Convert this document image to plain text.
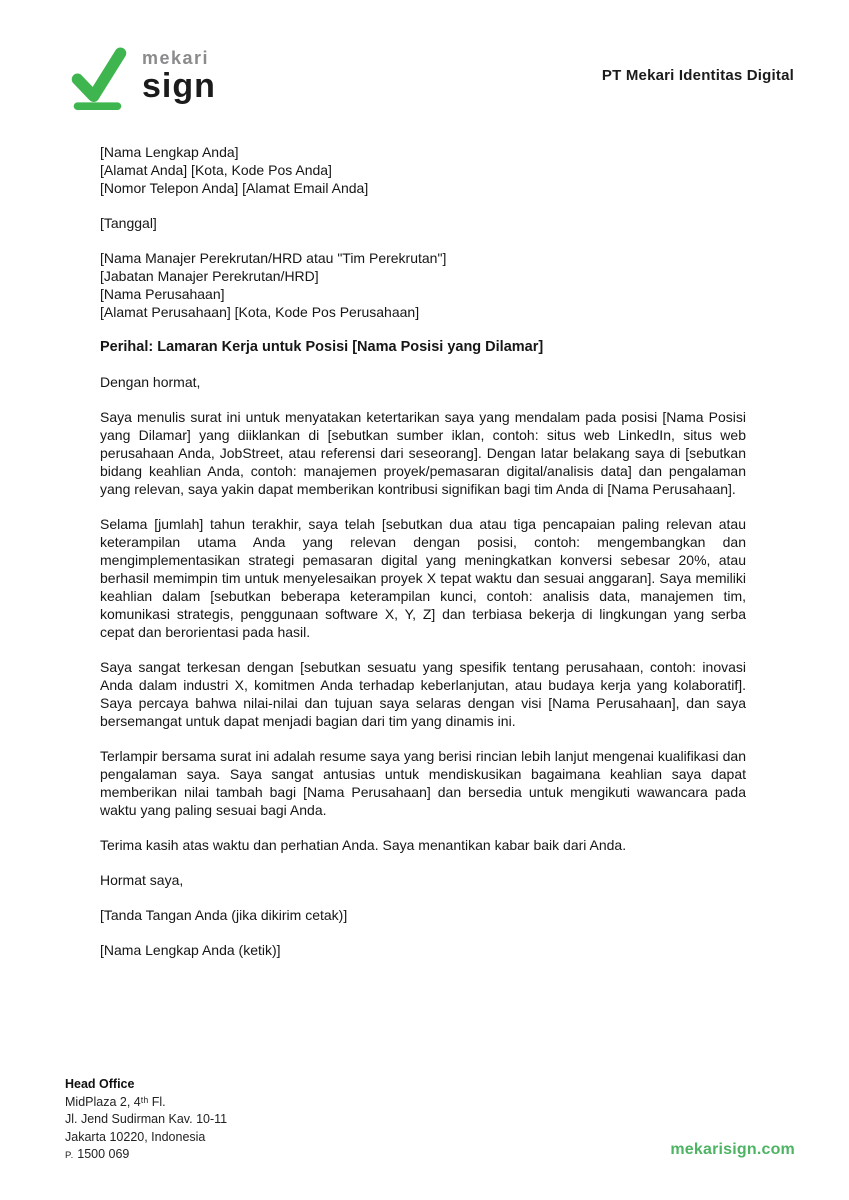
mekari
sign	PT Mekari Identitas Digital
[Nama Lengkap Anda]
[Alamat Anda] [Kota, Kode Pos Anda]
[Nomor Telepon Anda] [Alamat Email Anda]
[Tanggal]
[Nama Manajer Perekrutan/HRD atau "Tim Perekrutan"]
[Jabatan Manajer Perekrutan/HRD]
[Nama Perusahaan]
[Alamat Perusahaan] [Kota, Kode Pos Perusahaan]
Perihal: Lamaran Kerja untuk Posisi [Nama Posisi yang Dilamar]
Dengan hormat,

Saya menulis surat ini untuk menyatakan ketertarikan saya yang mendalam pada posisi [Nama Posisi yang Dilamar] yang diiklankan di [sebutkan sumber iklan, contoh: situs web LinkedIn, situs web perusahaan Anda, JobStreet, atau referensi dari seseorang]. Dengan latar belakang saya di [sebutkan bidang keahlian Anda, contoh: manajemen proyek/pemasaran digital/analisis data] dan pengalaman yang relevan, saya yakin dapat memberikan kontribusi signifikan bagi tim Anda di [Nama Perusahaan].

Selama [jumlah] tahun terakhir, saya telah [sebutkan dua atau tiga pencapaian paling relevan atau keterampilan utama Anda yang relevan dengan posisi, contoh: mengembangkan dan mengimplementasikan strategi pemasaran digital yang meningkatkan konversi sebesar 20%, atau berhasil memimpin tim untuk menyelesaikan proyek X tepat waktu dan sesuai anggaran]. Saya memiliki keahlian dalam [sebutkan beberapa keterampilan kunci, contoh: analisis data, manajemen tim, komunikasi strategis, penggunaan software X, Y, Z] dan terbiasa bekerja di lingkungan yang serba cepat dan berorientasi pada hasil.

Saya sangat terkesan dengan [sebutkan sesuatu yang spesifik tentang perusahaan, contoh: inovasi Anda dalam industri X, komitmen Anda terhadap keberlanjutan, atau budaya kerja yang kolaboratif]. Saya percaya bahwa nilai-nilai dan tujuan saya selaras dengan visi [Nama Perusahaan], dan saya bersemangat untuk dapat menjadi bagian dari tim yang dinamis ini.

Terlampir bersama surat ini adalah resume saya yang berisi rincian lebih lanjut mengenai kualifikasi dan pengalaman saya. Saya sangat antusias untuk mendiskusikan bagaimana keahlian saya dapat memberikan nilai tambah bagi [Nama Perusahaan] dan bersedia untuk mengikuti wawancara pada waktu yang paling sesuai bagi Anda.

Terima kasih atas waktu dan perhatian Anda. Saya menantikan kabar baik dari Anda.

Hormat saya,
[Tanda Tangan Anda (jika dikirim cetak)]
[Nama Lengkap Anda (ketik)]
Head Office
MidPlaza 2, 4ᵗʰ Fl.
Jl. Jend Sudirman Kav. 10-11
Jakarta 10220, Indonesia
P. 1500 069	mekarisign.com
